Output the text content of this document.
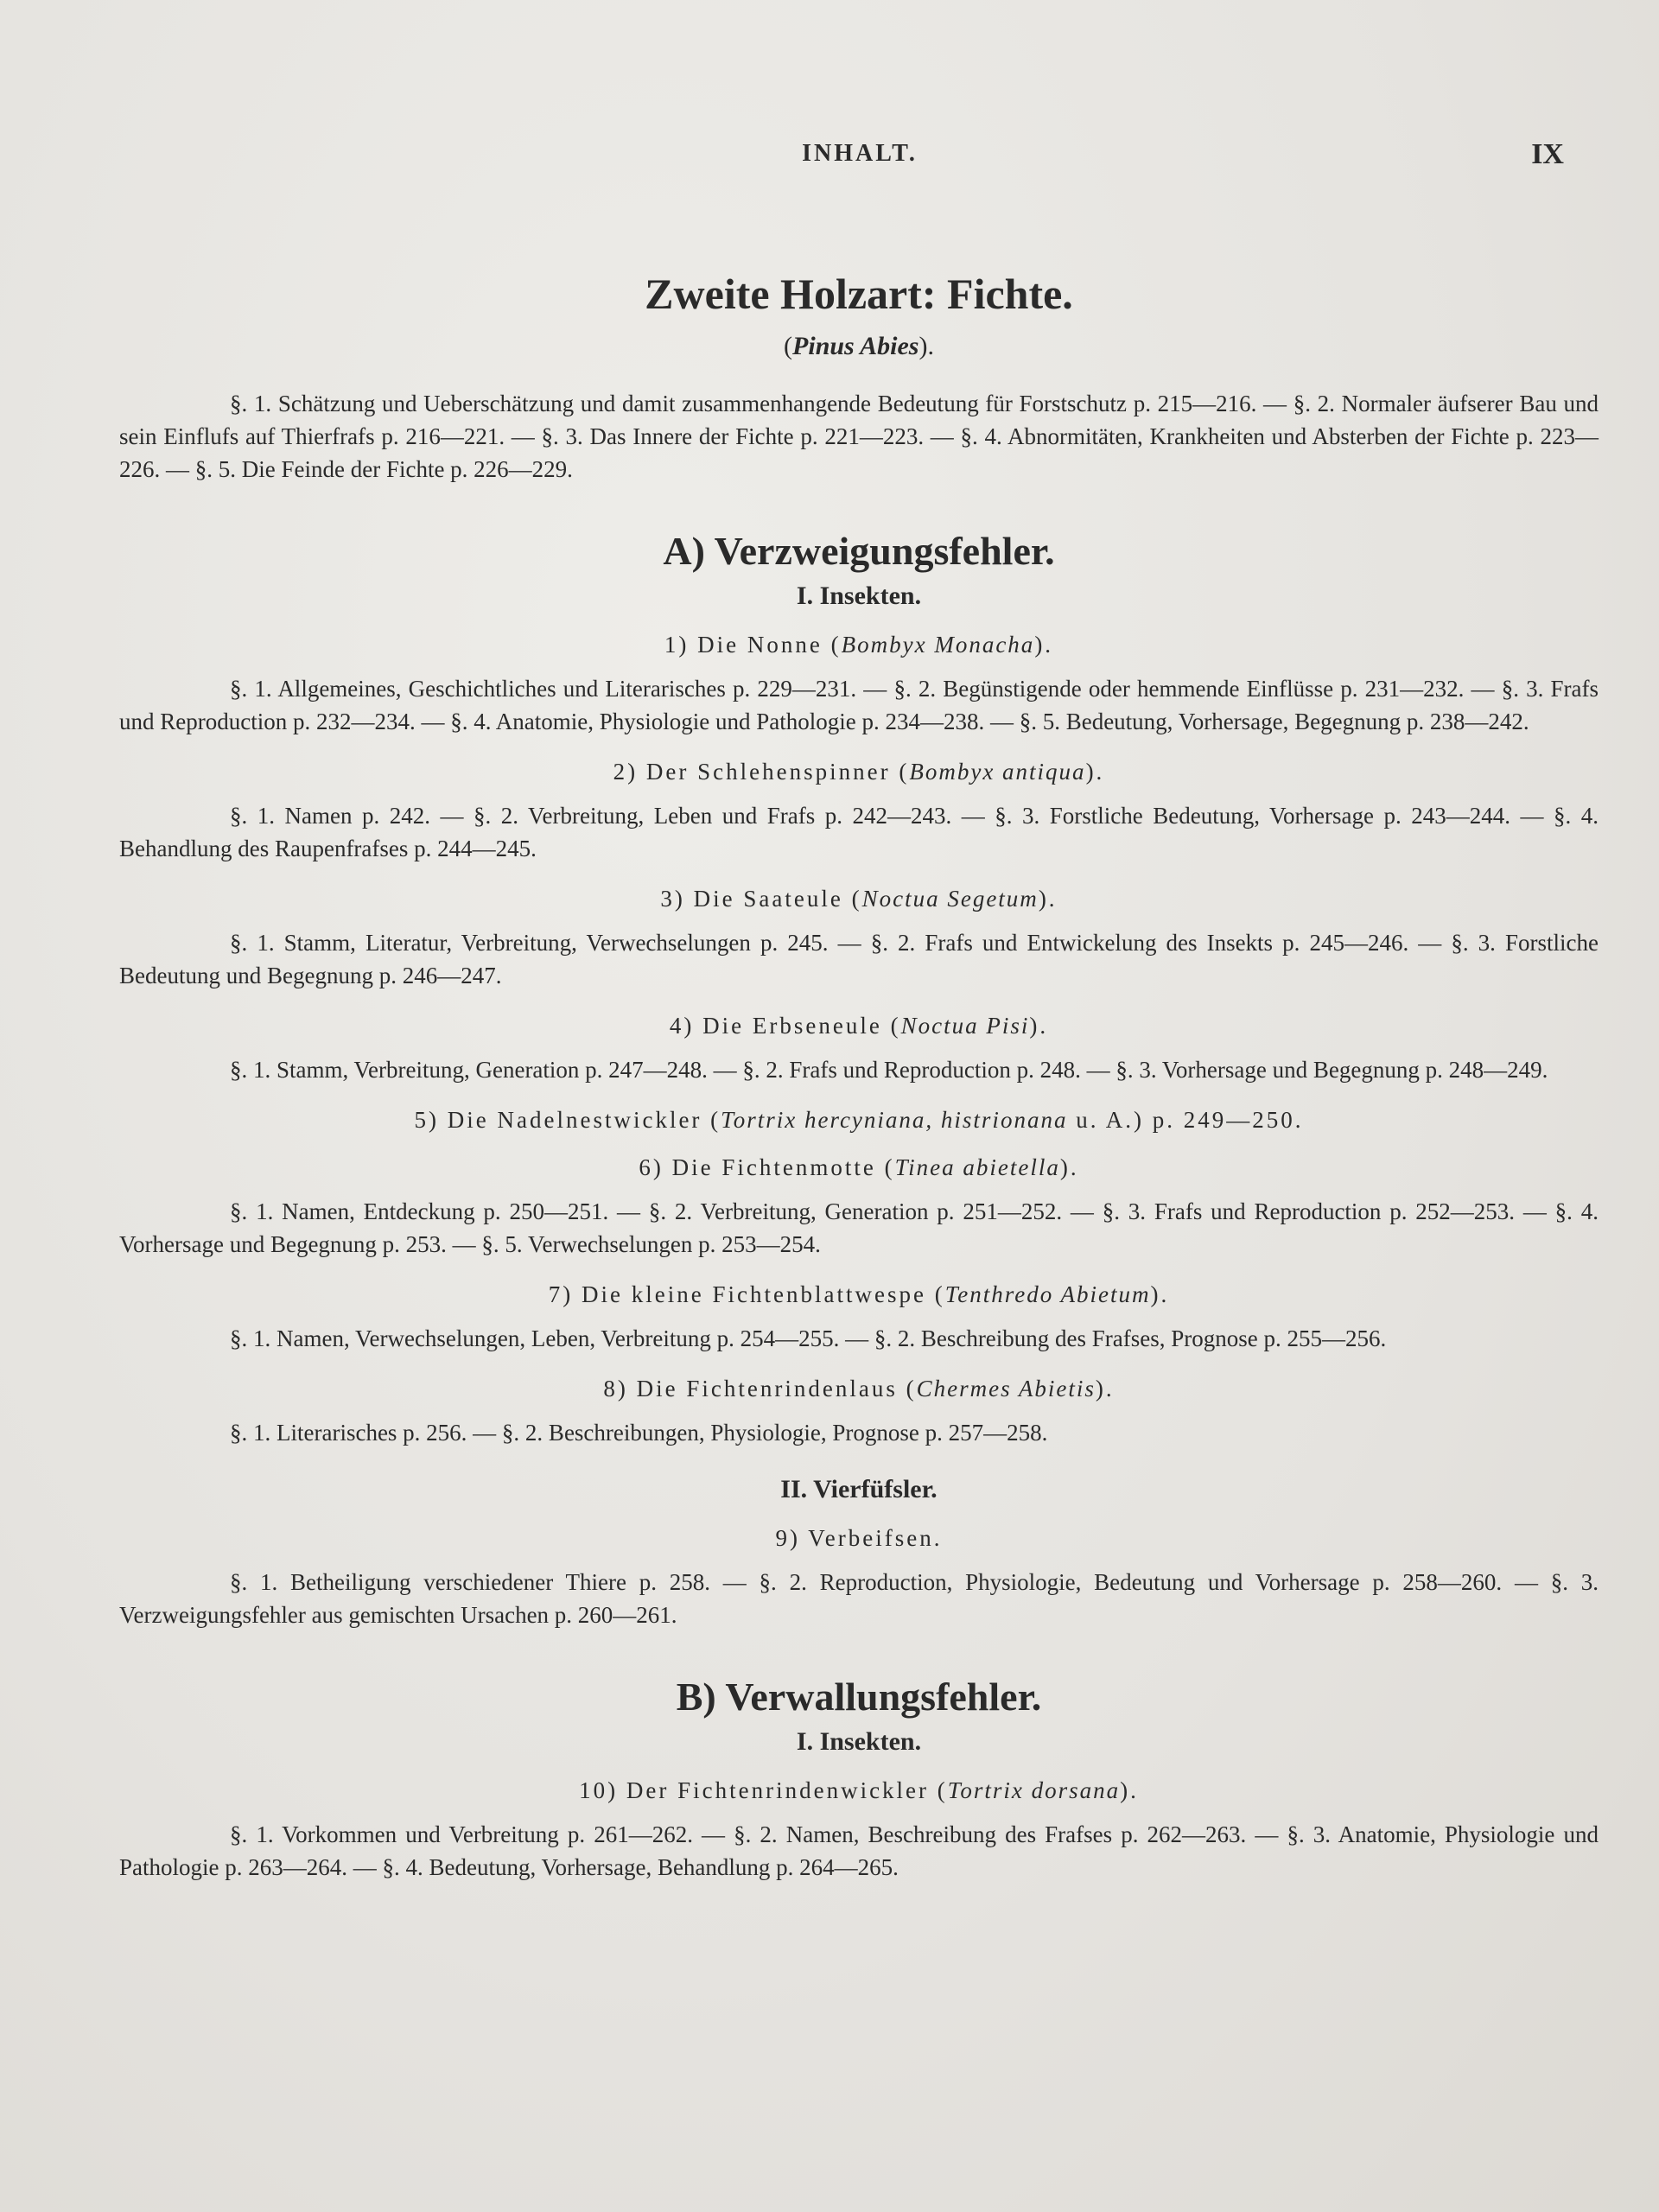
INHALT.	IX
Zweite Holzart: Fichte.
(Pinus Abies).

§. 1. Schätzung und Ueberschätzung und damit zusammenhangende Bedeutung für Forstschutz p. 215—216. — §. 2. Normaler äufserer Bau und sein Einflufs auf Thierfrafs p. 216—221. — §. 3. Das Innere der Fichte p. 221—223. — §. 4. Abnormitäten, Krankheiten und Absterben der Fichte p. 223—226. — §. 5. Die Feinde der Fichte p. 226—229.

A) Verzweigungsfehler.
I. Insekten.
1) Die Nonne (Bombyx Monacha).

§. 1. Allgemeines, Geschichtliches und Literarisches p. 229—231. — §. 2. Begünstigende oder hemmende Einflüsse p. 231—232. — §. 3. Frafs und Reproduction p. 232—234. — §. 4. Anatomie, Physiologie und Pathologie p. 234—238. — §. 5. Bedeutung, Vorhersage, Begegnung p. 238—242.

2) Der Schlehenspinner (Bombyx antiqua).

§. 1. Namen p. 242. — §. 2. Verbreitung, Leben und Frafs p. 242—243. — §. 3. Forstliche Bedeutung, Vorhersage p. 243—244. — §. 4. Behandlung des Raupenfrafses p. 244—245.

3) Die Saateule (Noctua Segetum).

§. 1. Stamm, Literatur, Verbreitung, Verwechselungen p. 245. — §. 2. Frafs und Entwickelung des Insekts p. 245—246. — §. 3. Forstliche Bedeutung und Begegnung p. 246—247.

4) Die Erbseneule (Noctua Pisi).

§. 1. Stamm, Verbreitung, Generation p. 247—248. — §. 2. Frafs und Reproduction p. 248. — §. 3. Vorhersage und Begegnung p. 248—249.

5) Die Nadelnestwickler (Tortrix hercyniana, histrionana u. A.) p. 249—250.
6) Die Fichtenmotte (Tinea abietella).

§. 1. Namen, Entdeckung p. 250—251. — §. 2. Verbreitung, Generation p. 251—252. — §. 3. Frafs und Reproduction p. 252—253. — §. 4. Vorhersage und Begegnung p. 253. — §. 5. Verwechselungen p. 253—254.

7) Die kleine Fichtenblattwespe (Tenthredo Abietum).

§. 1. Namen, Verwechselungen, Leben, Verbreitung p. 254—255. — §. 2. Beschreibung des Frafses, Prognose p. 255—256.

8) Die Fichtenrindenlaus (Chermes Abietis).

§. 1. Literarisches p. 256. — §. 2. Beschreibungen, Physiologie, Prognose p. 257—258.

II. Vierfüfsler.
9) Verbeifsen.

§. 1. Betheiligung verschiedener Thiere p. 258. — §. 2. Reproduction, Physiologie, Bedeutung und Vorhersage p. 258—260. — §. 3. Verzweigungsfehler aus gemischten Ursachen p. 260—261.

B) Verwallungsfehler.
I. Insekten.
10) Der Fichtenrindenwickler (Tortrix dorsana).

§. 1. Vorkommen und Verbreitung p. 261—262. — §. 2. Namen, Beschreibung des Frafses p. 262—263. — §. 3. Anatomie, Physiologie und Pathologie p. 263—264. — §. 4. Bedeutung, Vorhersage, Behandlung p. 264—265.
